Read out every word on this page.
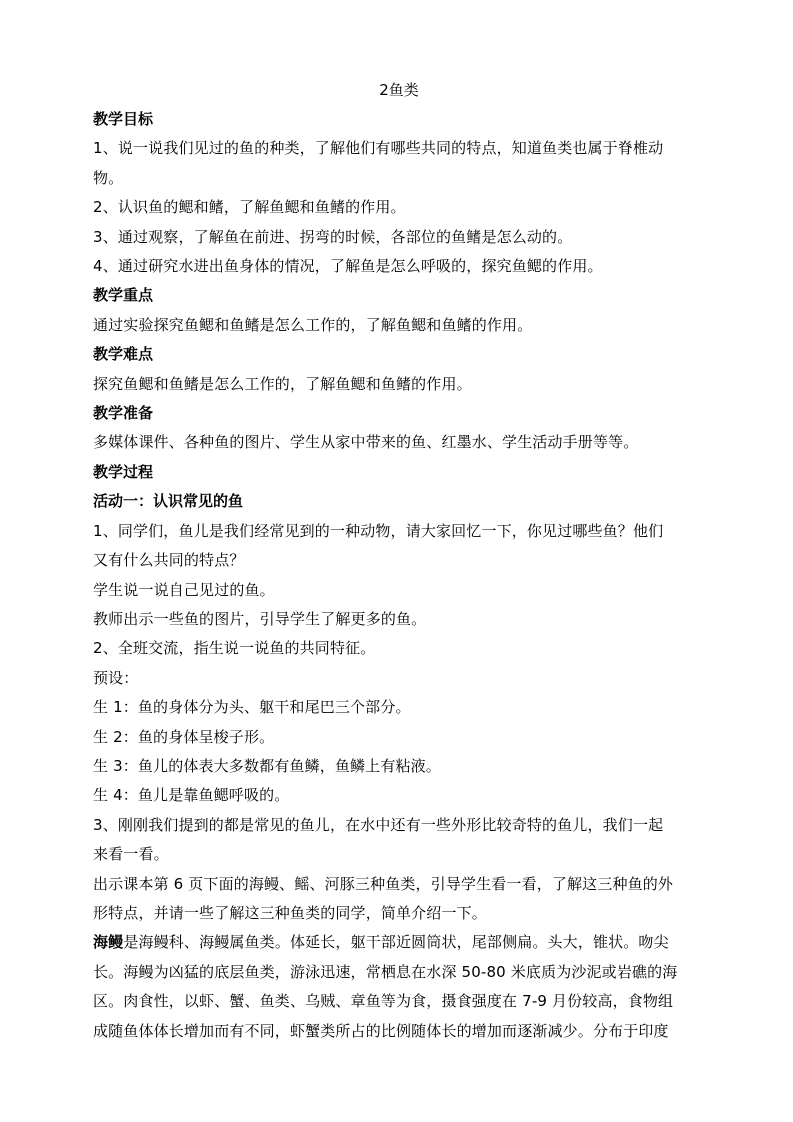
2鱼类

教学目标

1、说一说我们见过的鱼的种类，了解他们有哪些共同的特点，知道鱼类也属于脊椎动

物。

2、认识鱼的鳃和鳍，了解鱼鳃和鱼鳍的作用。

3、通过观察，了解鱼在前进、拐弯的时候，各部位的鱼鳍是怎么动的。

4、通过研究水进出鱼身体的情况，了解鱼是怎么呼吸的，探究鱼鳃的作用。

教学重点

通过实验探究鱼鳃和鱼鳍是怎么工作的，了解鱼鳃和鱼鳍的作用。

教学难点

探究鱼鳃和鱼鳍是怎么工作的，了解鱼鳃和鱼鳍的作用。

教学准备

多媒体课件、各种鱼的图片、学生从家中带来的鱼、红墨水、学生活动手册等等。

教学过程

活动一：认识常见的鱼

1、同学们，鱼儿是我们经常见到的一种动物，请大家回忆一下，你见过哪些鱼？他们

又有什么共同的特点？

学生说一说自己见过的鱼。

教师出示一些鱼的图片，引导学生了解更多的鱼。

2、全班交流，指生说一说鱼的共同特征。

预设：

生 1：鱼的身体分为头、躯干和尾巴三个部分。

生 2：鱼的身体呈梭子形。

生 3：鱼儿的体表大多数都有鱼鳞，鱼鳞上有粘液。

生 4：鱼儿是靠鱼鳃呼吸的。

3、刚刚我们提到的都是常见的鱼儿，在水中还有一些外形比较奇特的鱼儿，我们一起

来看一看。

出示课本第 6 页下面的海鳗、鳐、河豚三种鱼类，引导学生看一看，了解这三种鱼的外

形特点，并请一些了解这三种鱼类的同学，简单介绍一下。

海鳗是海鳗科、海鳗属鱼类。体延长，躯干部近圆筒状，尾部侧扁。头大，锥状。吻尖

长。海鳗为凶猛的底层鱼类，游泳迅速，常栖息在水深 50-80 米底质为沙泥或岩礁的海

区。肉食性，以虾、蟹、鱼类、乌贼、章鱼等为食，摄食强度在 7-9 月份较高，食物组

成随鱼体体长增加而有不同，虾蟹类所占的比例随体长的增加而逐渐减少。分布于印度
